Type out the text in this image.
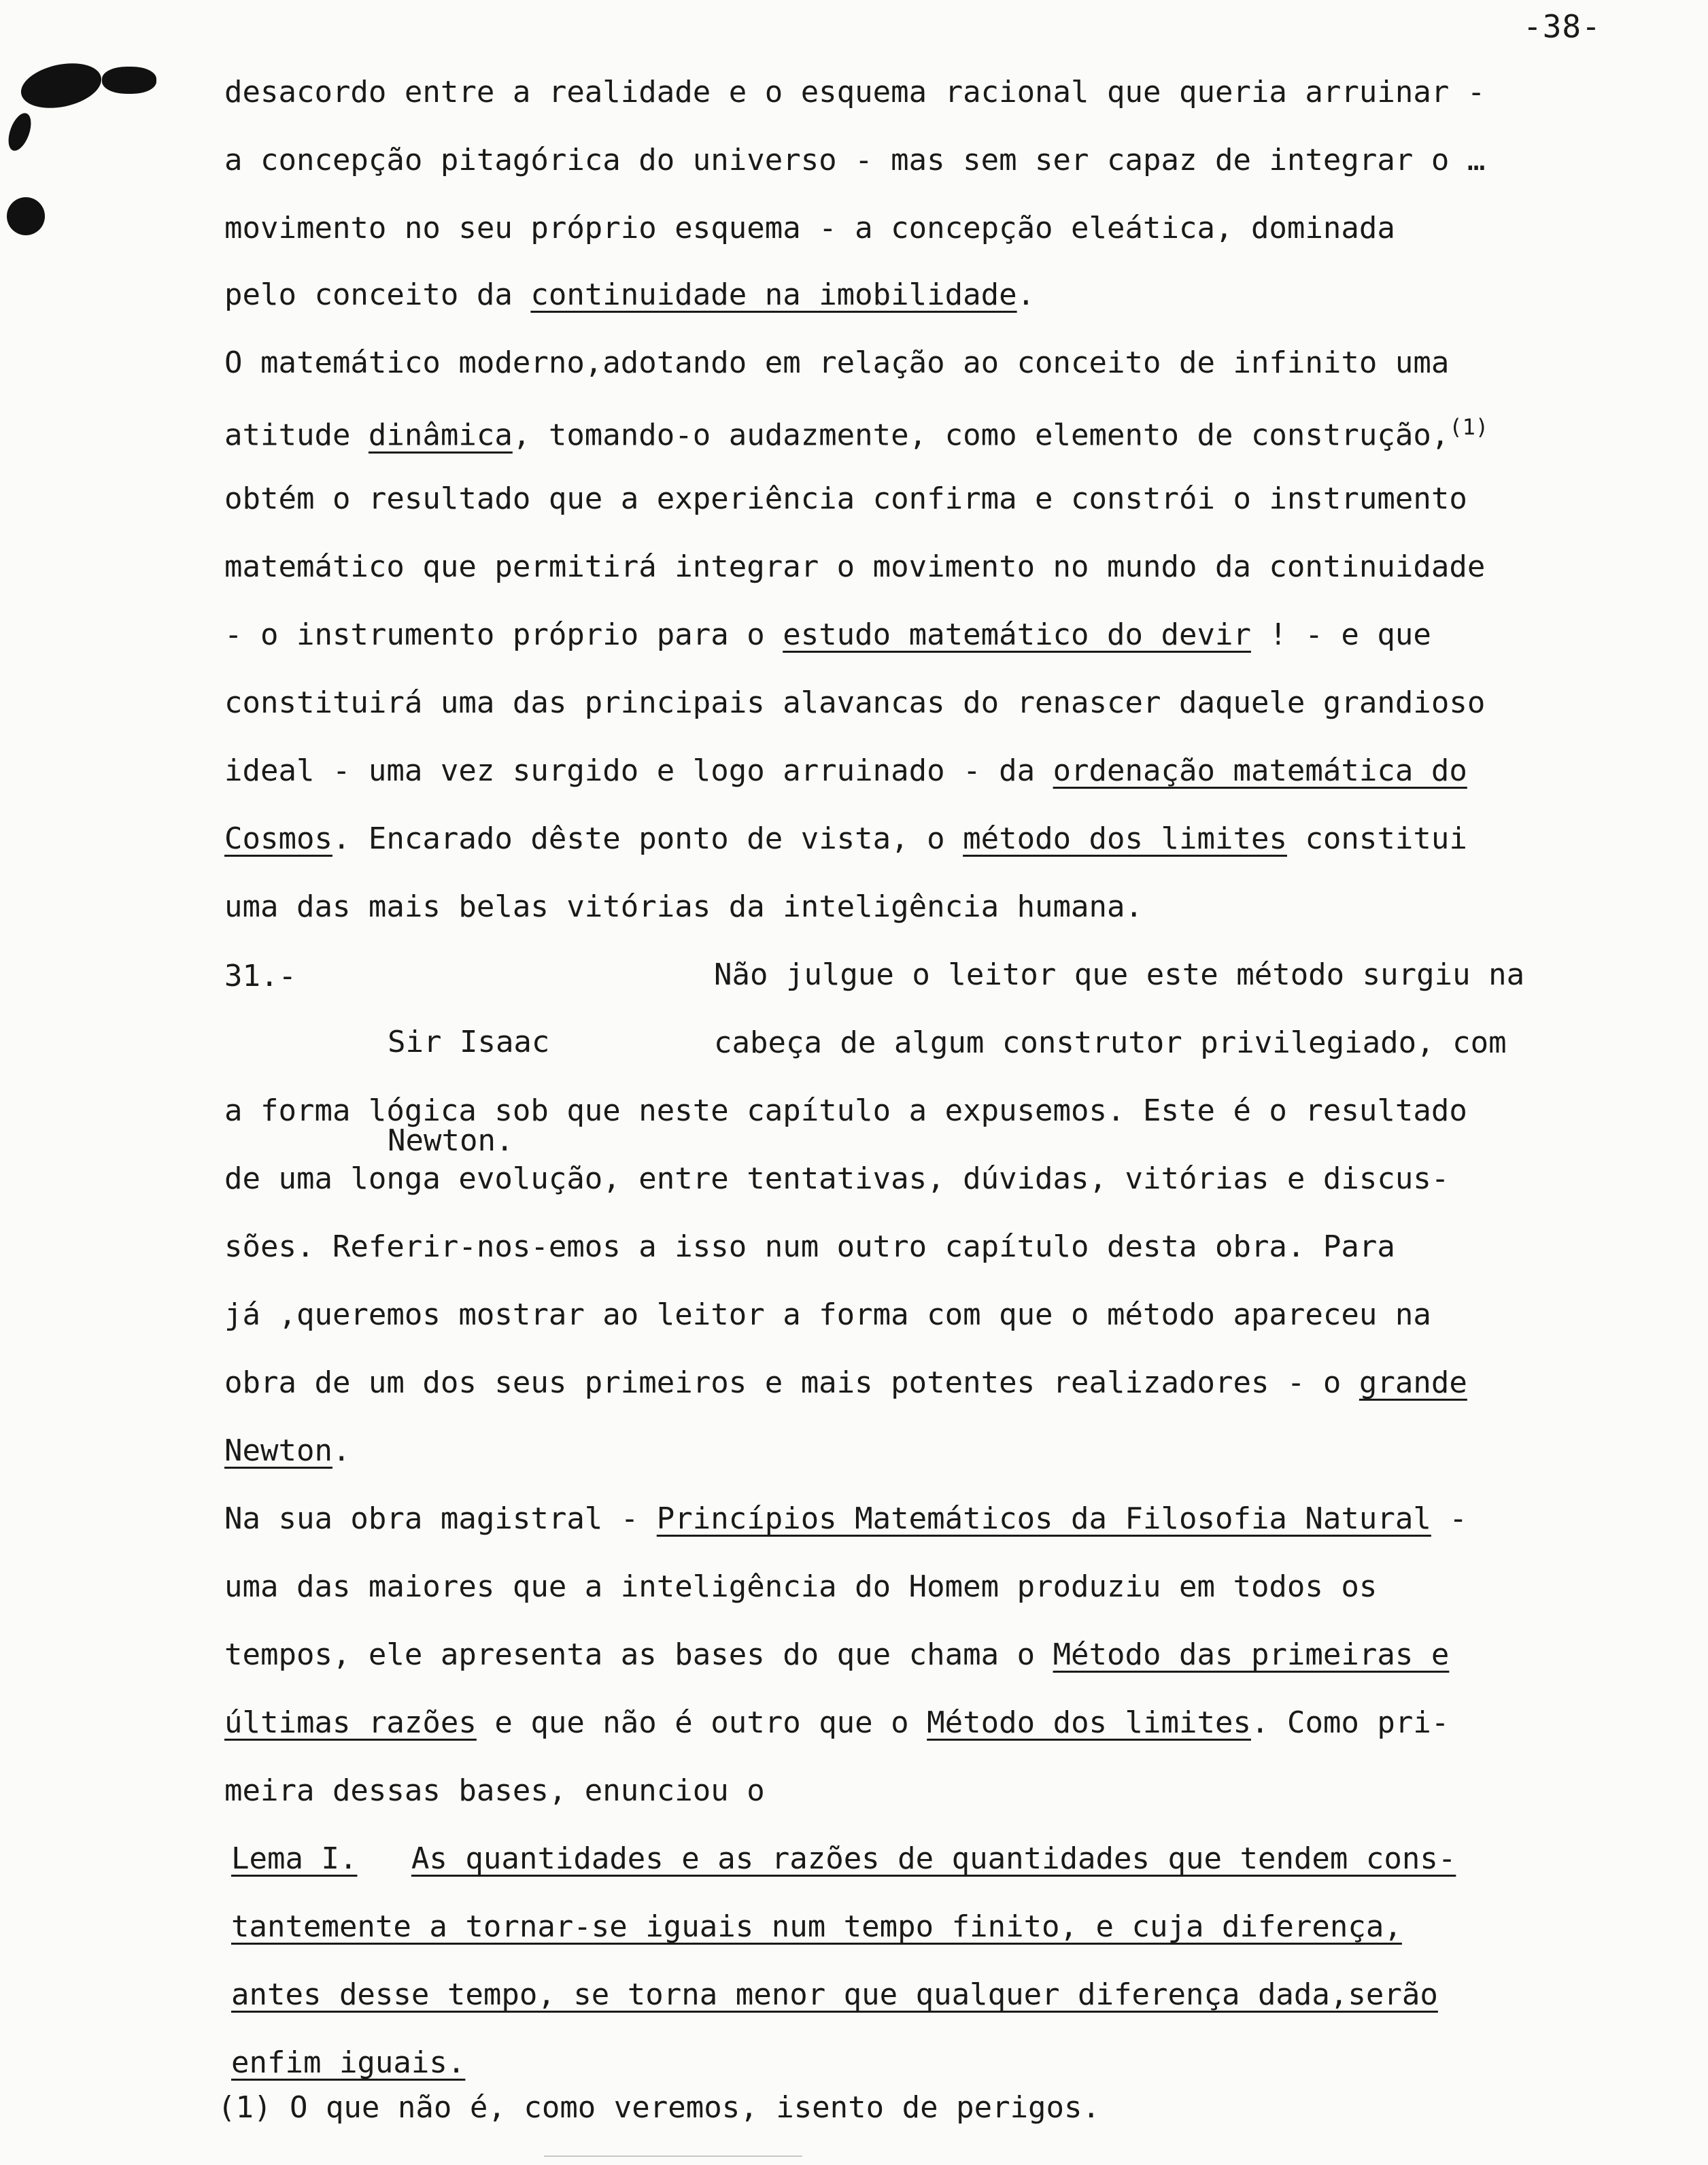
-38-
desacordo entre a realidade e o esquema racional que queria arruinar -
a concepção pitagórica do universo - mas sem ser capaz de integrar o …
movimento no seu próprio esquema - a concepção eleática, dominada
pelo conceito da continuidade na imobilidade.
O matemático moderno,adotando em relação ao conceito de infinito uma
atitude dinâmica, tomando-o audazmente, como elemento de construção,$^{(1)}$
obtém o resultado que a experiência confirma e constrói o instrumento
matemático que permitirá integrar o movimento no mundo da continuidade
- o instrumento próprio para o estudo matemático do devir ! - e que
constituirá uma das principais alavancas do renascer daquele grandioso
ideal - uma vez surgido e logo arruinado - da ordenação matemática do
Cosmos. Encarado dêste ponto de vista, o método dos limites constitui
uma das mais belas vitórias da inteligência humana.
31.-

Sir Isaac

Newton.

Não julgue o leitor que este método surgiu na
cabeça de algum construtor privilegiado, com
a forma lógica sob que neste capítulo a expusemos. Este é o resultado
de uma longa evolução, entre tentativas, dúvidas, vitórias e discus-
sões. Referir-nos-emos a isso num outro capítulo desta obra. Para
já ,queremos mostrar ao leitor a forma com que o método apareceu na
obra de um dos seus primeiros e mais potentes realizadores - o grande
Newton.
Na sua obra magistral - Princípios Matemáticos da Filosofia Natural -
uma das maiores que a inteligência do Homem produziu em todos os
tempos, ele apresenta as bases do que chama o Método das primeiras e
últimas razões e que não é outro que o Método dos limites. Como pri-
meira dessas bases, enunciou o
Lema I. As quantidades e as razões de quantidades que tendem cons-
tantemente a tornar-se iguais num tempo finito, e cuja diferença,
antes desse tempo, se torna menor que qualquer diferença dada,serão
enfim iguais.
(1) O que não é, como veremos, isento de perigos.
